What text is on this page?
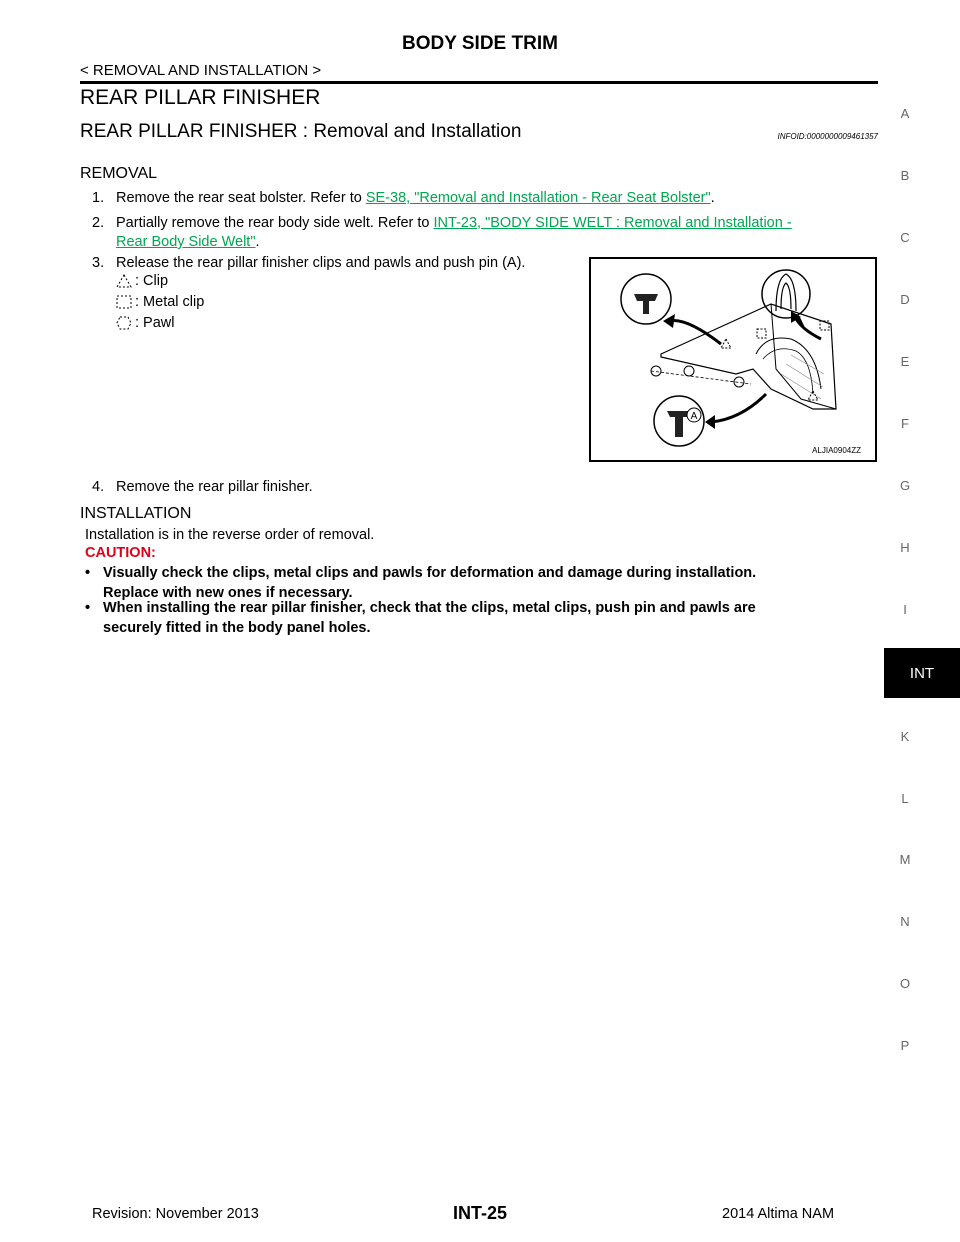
BODY SIDE TRIM
< REMOVAL AND INSTALLATION >
REAR PILLAR FINISHER
REAR PILLAR FINISHER : Removal and Installation	INFOID:0000000009461357
REMOVAL
1. Remove the rear seat bolster. Refer to SE-38, "Removal and Installation - Rear Seat Bolster".
2. Partially remove the rear body side welt. Refer to INT-23, "BODY SIDE WELT : Removal and Installation -
Rear Body Side Welt".
3. Release the rear pillar finisher clips and pawls and push pin (A).
: Clip
: Metal clip
: Pawl
A
ALJIA0904ZZ
4. Remove the rear pillar finisher.
INSTALLATION
Installation is in the reverse order of removal.
CAUTION:
• Visually check the clips, metal clips and pawls for deformation and damage during installation.
Replace with new ones if necessary.
• When installing the rear pillar finisher, check that the clips, metal clips, push pin and pawls are
securely fitted in the body panel holes.
A
B
C
D
E
F
G
H
I
INT
K
L
M
N
O
P
Revision: November 2013	INT-25	2014 Altima NAM
